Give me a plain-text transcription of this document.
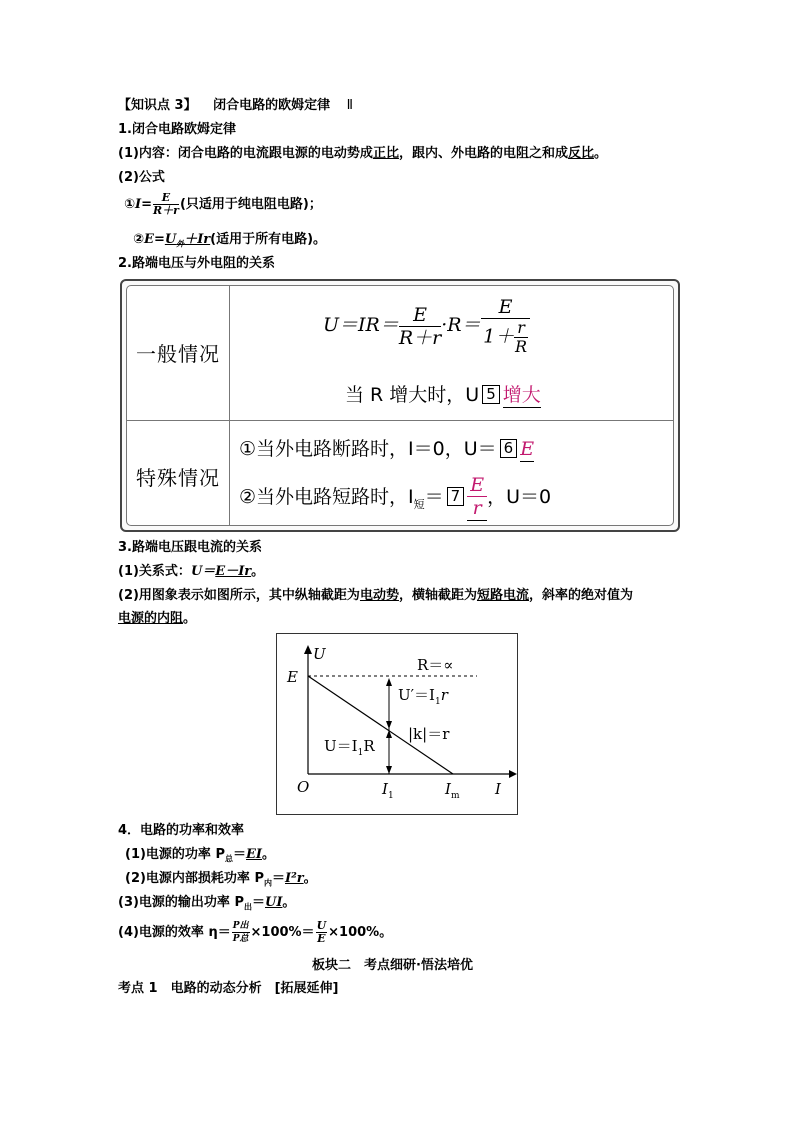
【知识点 3】 闭合电路的欧姆定律 Ⅱ
1.闭合电路欧姆定律
(1)内容：闭合电路的电流跟电源的电动势成正比，跟内、外电路的电阻之和成反比。
(2)公式
①I= $\frac{E}{R+r}$ (只适用于纯电阻电路)；
$②E=U_外+Ir$(适用于所有电路)。
2.路端电压与外电阻的关系
一般情况
特殊情况
$U=IR= \frac{E}{R+r} \cdot R= \frac{E}{1+ \frac{r}{R}}$
当 R 增大时，U 5 增大
①当外电路断路时，I＝0，U＝ 6 E
②当外电路短路时，$I_短= 7 \frac{E}{r}$ ，U＝0
3.路端电压跟电流的关系
(1)关系式：U＝E－Ir。
(2)用图象表示如图所示，其中纵轴截距为电动势，横轴截距为短路电流，斜率的绝对值为
电源的内阻。
U
E
R＝∝
$U'=I_1r$
|k|＝r
$U=I_1R$
O	$I_1$	$I_m$ I
4．电路的功率和效率
(1)电源的功率 $P_总=EI$。
(2)电源内部损耗功率 $P_内=I^2r$。
(3)电源的输出功率 $P_出=UI$。
(4)电源的效率 $\eta= \frac{\text{P出}}{\text{P总}} \times 100\%= \frac{U}{E} \times 100\%$。
板块二　考点细研·悟法培优
考点 1　电路的动态分析　[拓展延伸]
